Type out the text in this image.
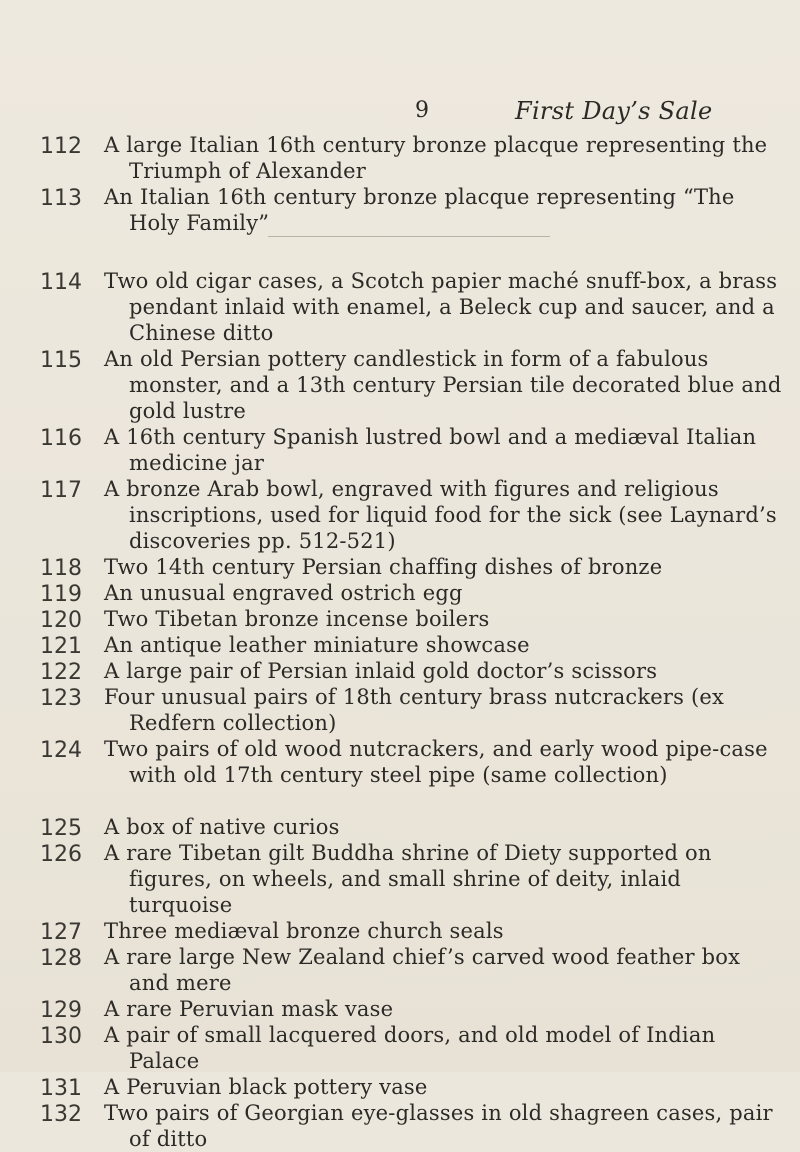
9	First Day’s Sale
112	A large Italian 16th century bronze placque representing the Triumph of Alexander
113	An Italian 16th century bronze placque representing “The Holy Family”
114	Two old cigar cases, a Scotch papier maché snuff-box, a brass pendant inlaid with enamel, a Beleck cup and saucer, and a Chinese ditto
115	An old Persian pottery candlestick in form of a fabulous monster, and a 13th century Persian tile decorated blue and gold lustre
116	A 16th century Spanish lustred bowl and a mediæval Italian medicine jar
117	A bronze Arab bowl, engraved with figures and religious inscriptions, used for liquid food for the sick (see Laynard’s discoveries pp. 512-521)
118	Two 14th century Persian chaffing dishes of bronze
119	An unusual engraved ostrich egg
120	Two Tibetan bronze incense boilers
121	An antique leather miniature showcase
122	A large pair of Persian inlaid gold doctor’s scissors
123	Four unusual pairs of 18th century brass nutcrackers (ex Redfern collection)
124	Two pairs of old wood nutcrackers, and early wood pipe-case with old 17th century steel pipe (same collection)
125	A box of native curios
126	A rare Tibetan gilt Buddha shrine of Diety supported on figures, on wheels, and small shrine of deity, inlaid turquoise
127	Three mediæval bronze church seals
128	A rare large New Zealand chief’s carved wood feather box and mere
129	A rare Peruvian mask vase
130	A pair of small lacquered doors, and old model of Indian Palace
131	A Peruvian black pottery vase
132	Two pairs of Georgian eye-glasses in old shagreen cases, pair of ditto
